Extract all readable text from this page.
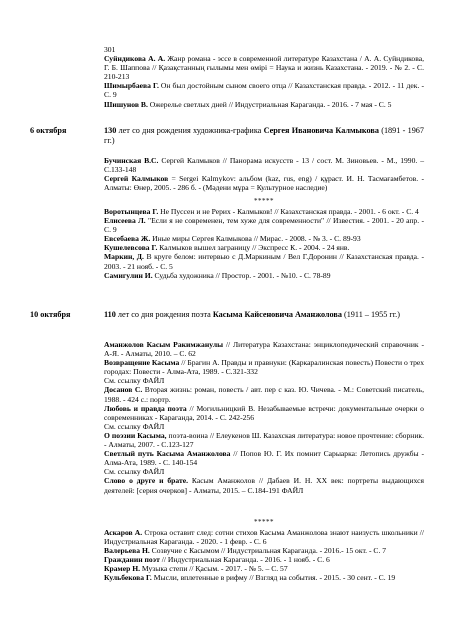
301

Суйндикова А. А. Жанр романа - эссе в современной литературе Казахстана / А. А. Суйндикова, Г. Б. Шаппова // Қазақстанның ғылымы мен өмірі = Наука и жизнь Казахстана. - 2019. - № 2. - С. 210-213

Шимырбаева Г. Он был достойным сыном своего отца // Казахстанская правда. - 2012. - 11 дек. - С. 9

Шишунов В. Ожерелье светлых дней // Индустриальная Караганда. - 2016. - 7 мая - С. 5

6 октября	130 лет со дня рождения художника-графика Сергея Ивановича Калмыкова (1891 - 1967 гг.)

Бучинская В.С. Сергей Калмыков // Панорама искусств - 13 / сост. М. Зиновьев. - М., 1990. – С.133-148

Сергей Калмыков = Sergei Kalmykov: альбом (kaz, rus, eng) / құраст. И. Н. Тасмағамбетов. - Алматы: Өнер, 2005. - 286 б. - (Мәдени мұра = Культурное наследие)

*****

Воротынцева Г. Не Пуссен и не Рерих - Калмыков! // Казахстанская правда. - 2001. - 6 окт. - С. 4

Елисеева Л. "Если я не современен, тем хуже для современности" // Известия. - 2001. - 20 апр. - С. 9

Евсебаева Ж. Иные миры Сергея Калмыкова // Мирас. - 2008. - № 3. - С. 89-93

Кушелевсова Г. Калмыков вышел заграницу // Экспресс К. - 2004. - 24 янв.

Маркин, Д. В круге белом: интервью с Д.Маркиным / Вел Г.Доронин // Казахстанская правда. - 2003. - 21 нояб. - С. 5

Самигулин И. Судьба художника // Простор. - 2001. - №10. - С. 78-89

10 октября	110 лет со дня рождения поэта Касыма Кайсеновича Аманжолова (1911 – 1955 гг.)

Аманжолов Касым Ракимжанулы // Литература Казахстана: энциклопедический справочник - А-Я. - Алматы, 2010. – С. 62

Возвращение Касыма // Брагин А. Правды и правнуки: (Каркаралинская повесть) Повести о трех городах: Повести - Алма-Ата, 1989. - С.321-332

См. ссылку ФАЙЛ

Досанов С. Вторая жизнь: роман, повесть / авт. пер с каз. Ю. Чичева. - М.: Советский писатель, 1988. - 424 с.: портр.

Любовь и правда поэта // Могильницкий В. Незабываемые встречи: документальные очерки о современниках - Караганда, 2014. - С. 242-256

См. ссылку ФАЙЛ

О поэзии Касыма, поэта-воина // Елеукенов Ш. Казахская литература: новое прочтение: сборник. - Алматы, 2007. - С.123-127

Светлый путь Касыма Аманжолова // Попов Ю. Г. Их помнит Сарыарка: Летопись дружбы - Алма-Ата, 1989. - С. 140-154

См. ссылку ФАЙЛ

Слово о друге и брате. Касым Аманжолов // Дабаев И. Н. XX век: портреты выдающихся деятелей: [серия очерков] - Алматы, 2015. – С.184-191 ФАЙЛ

*****

Аскаров А. Строка оставит след: сотни стихов Касыма Аманжолова знают наизусть школьники // Индустриальная Караганда. - 2020. - 1 февр. - С. 6

Валерьева Н. Созвучие с Касымом // Индустриальная Караганда. - 2016.- 15 окт. - С. 7

Гражданин поэт // Индустриальная Караганда. - 2016. - 1 нояб. - С. 6

Крамер Н. Музыка степи // Қасым. - 2017. - № 5. – С. 57

Кульбекова Г. Мысли, вплетенные в рифму // Взгляд на события. - 2015. - 30 сент. - С. 19
